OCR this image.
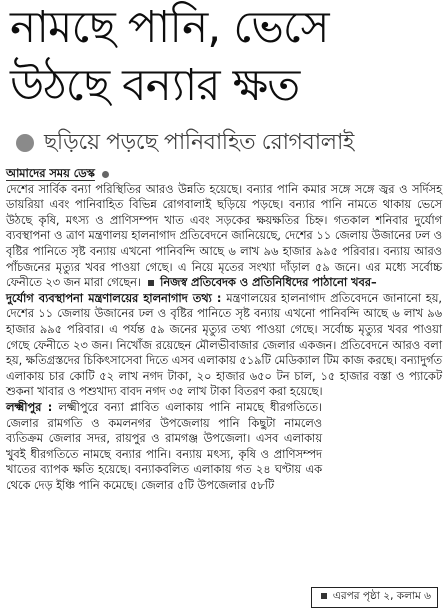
নামছে পানি, ভেসে
উঠছে বন্যার ক্ষত
ছড়িয়ে পড়ছে পানিবাহিত রোগবালাই
আমাদের সময় ডেস্ক

দেশের সার্বিক বন্যা পরিস্থিতির আরও উন্নতি হয়েছে। বন্যার পানি কমার সঙ্গে সঙ্গে জ্বর ও সর্দিসহ ডায়রিয়া এবং পানিবাহিত বিভিন্ন রোগবালাই ছড়িয়ে পড়ছে। বন্যার পানি নামতে থাকায় ভেসে উঠছে কৃষি, মৎস্য ও প্রাণিসম্পদ খাত এবং সড়কের ক্ষয়ক্ষতির চিহ্ন। গতকাল শনিবার দুর্যোগ ব্যবস্থাপনা ও ত্রাণ মন্ত্রণালয় হালনাগাদ প্রতিবেদনে জানিয়েছে, দেশের ১১ জেলায় উজানের ঢল ও বৃষ্টির পানিতে সৃষ্ট বন্যায় এখনো পানিবন্দি আছে ৬ লাখ ৯৬ হাজার ৯৯৫ পরিবার। বন্যায় আরও পাঁচজনের মৃত্যুর খবর পাওয়া গেছে। এ নিয়ে মৃতের সংখ্যা দাঁড়াল ৫৯ জনে। এর মধ্যে সর্বোচ্চ ফেনীতে ২৩ জন মারা গেছেন। নিজস্ব প্রতিবেদক ও প্রতিনিধিদের পাঠানো খবর–

দুর্যোগ ব্যবস্থাপনা মন্ত্রণালয়ের হালনাগাদ তথ্য : মন্ত্রণালয়ের হালনাগাদ প্রতিবেদনে জানানো হয়, দেশের ১১ জেলায় উজানের ঢল ও বৃষ্টির পানিতে সৃষ্ট বন্যায় এখনো পানিবন্দি আছে ৬ লাখ ৯৬ হাজার ৯৯৫ পরিবার। এ পর্যন্ত ৫৯ জনের মৃত্যুর তথ্য পাওয়া গেছে। সর্বোচ্চ মৃত্যুর খবর পাওয়া গেছে ফেনীতে ২৩ জন। নিখোঁজ রয়েছেন মৌলভীবাজার জেলার একজন। প্রতিবেদনে আরও বলা হয়, ক্ষতিগ্রস্তদের চিকিৎসাসেবা দিতে এসব এলাকায় ৫১৯টি মেডিক্যাল টিম কাজ করছে। বন্যাদুর্গত এলাকায় চার কোটি ৫২ লাখ নগদ টাকা, ২০ হাজার ৬৫০ টন চাল, ১৫ হাজার বস্তা ও প্যাকেট শুকনা খাবার ও পশুখাদ্য বাবদ নগদ ৩৫ লাখ টাকা বিতরণ করা হয়েছে।

লক্ষ্মীপুর : লক্ষ্মীপুরে বন্যা প্লাবিত এলাকায় পানি নামছে ধীরগতিতে। জেলার রামগতি ও কমলনগর উপজেলায় পানি কিছুটা নামলেও ব্যতিক্রম জেলার সদর, রায়পুর ও রামগঞ্জ উপজেলা। এসব এলাকায় খুবই ধীরগতিতে নামছে বন্যার পানি। বন্যায় মৎস্য, কৃষি ও প্রাণিসম্পদ খাতের ব্যাপক ক্ষতি হয়েছে। বন্যাকবলিত এলাকায় গত ২৪ ঘণ্টায় এক থেকে দেড় ইঞ্চি পানি কমেছে। জেলার ৫টি উপজেলার ৫৮টি

এরপর পৃষ্ঠা ২, কলাম ৬
